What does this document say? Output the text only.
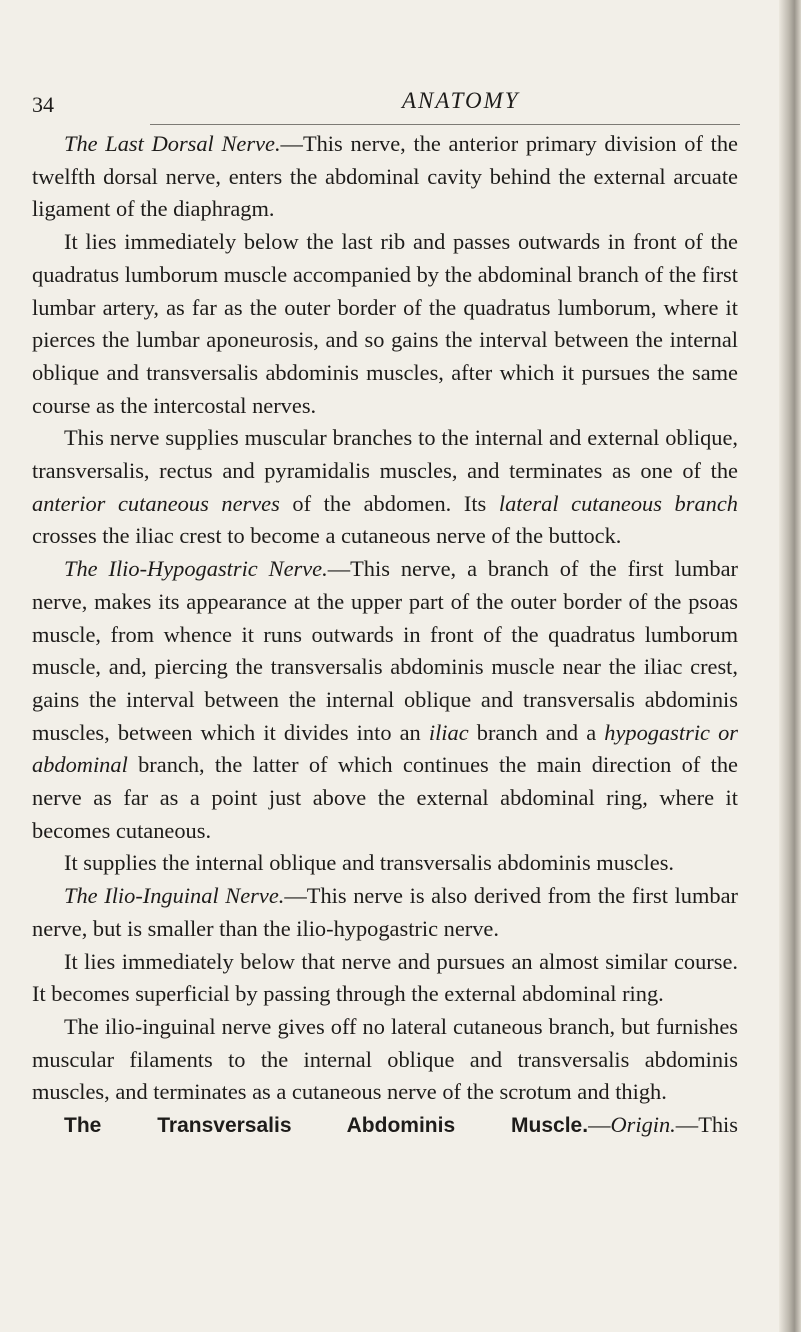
34	ANATOMY

The Last Dorsal Nerve.—This nerve, the anterior primary division of the twelfth dorsal nerve, enters the abdominal cavity behind the external arcuate ligament of the diaphragm.

It lies immediately below the last rib and passes outwards in front of the quadratus lumborum muscle accompanied by the abdominal branch of the first lumbar artery, as far as the outer border of the quadratus lumborum, where it pierces the lumbar aponeurosis, and so gains the interval between the internal oblique and transversalis abdominis muscles, after which it pursues the same course as the intercostal nerves.

This nerve supplies muscular branches to the internal and external oblique, transversalis, rectus and pyramidalis muscles, and terminates as one of the anterior cutaneous nerves of the abdomen. Its lateral cutaneous branch crosses the iliac crest to become a cutaneous nerve of the buttock.

The Ilio-Hypogastric Nerve.—This nerve, a branch of the first lumbar nerve, makes its appearance at the upper part of the outer border of the psoas muscle, from whence it runs outwards in front of the quadratus lumborum muscle, and, piercing the transversalis abdominis muscle near the iliac crest, gains the interval between the internal oblique and transversalis abdominis muscles, between which it divides into an iliac branch and a hypogastric or abdominal branch, the latter of which continues the main direction of the nerve as far as a point just above the external abdominal ring, where it becomes cutaneous.

It supplies the internal oblique and transversalis abdominis muscles.

The Ilio-Inguinal Nerve.—This nerve is also derived from the first lumbar nerve, but is smaller than the ilio-hypogastric nerve.

It lies immediately below that nerve and pursues an almost similar course. It becomes superficial by passing through the external abdominal ring.

The ilio-inguinal nerve gives off no lateral cutaneous branch, but furnishes muscular filaments to the internal oblique and transversalis abdominis muscles, and terminates as a cutaneous nerve of the scrotum and thigh.

The Transversalis Abdominis Muscle.—Origin.—This
